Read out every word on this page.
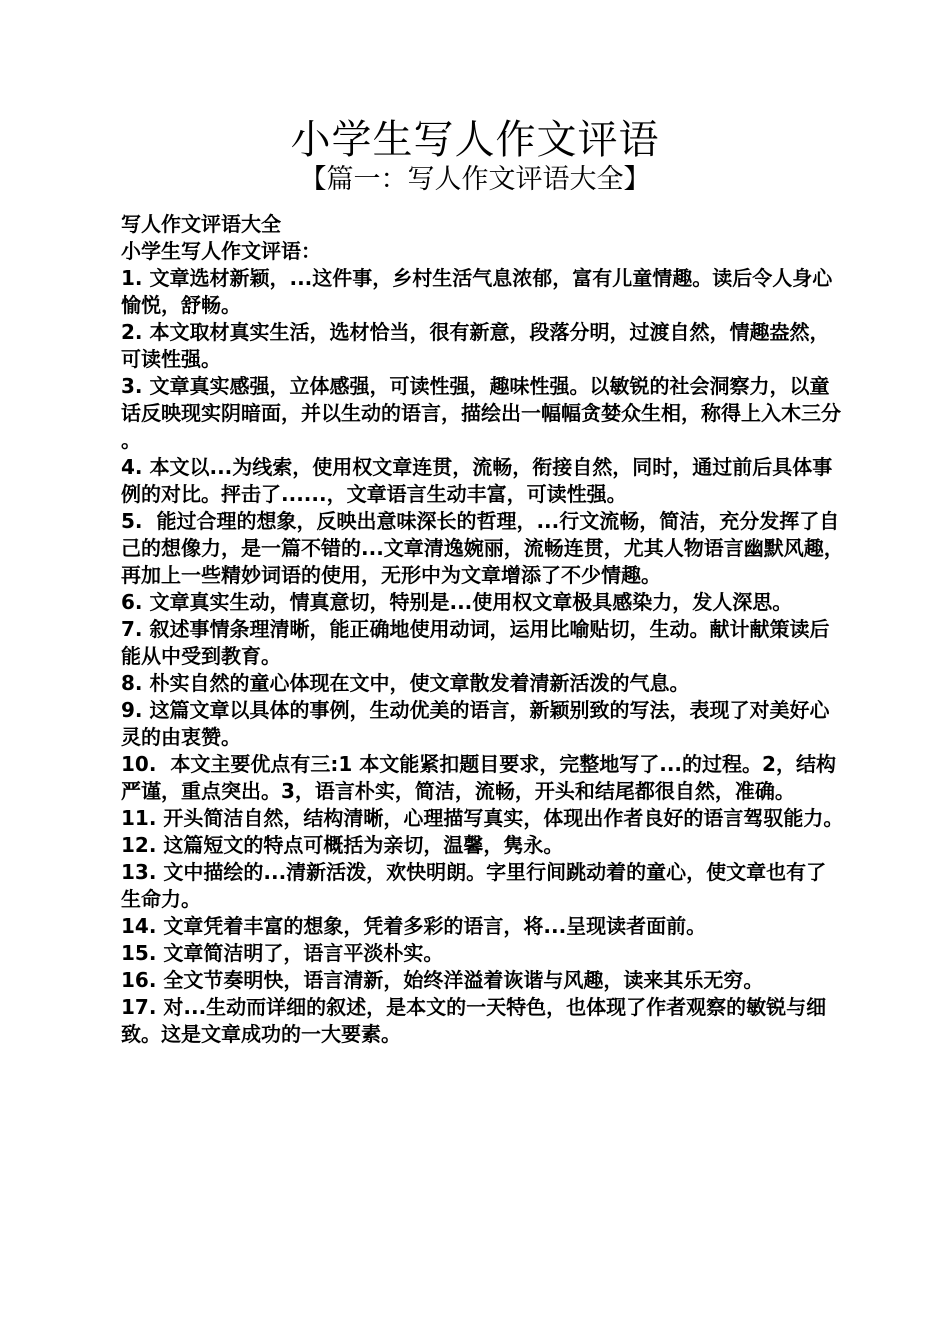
小学生写人作文评语
【篇一：写人作文评语大全】

写人作文评语大全

小学生写人作文评语：

1. 文章选材新颖，...这件事，乡村生活气息浓郁，富有儿童情趣。读后令人身心愉悦，舒畅。

2. 本文取材真实生活，选材恰当，很有新意，段落分明，过渡自然，情趣盎然，可读性强。

3. 文章真实感强，立体感强，可读性强，趣味性强。以敏锐的社会洞察力，以童话反映现实阴暗面，并以生动的语言，描绘出一幅幅贪婪众生相，称得上入木三分 。

4. 本文以...为线索，使用权文章连贯，流畅，衔接自然，同时，通过前后具体事例的对比。抨击了......，文章语言生动丰富，可读性强。

5.  能过合理的想象，反映出意味深长的哲理，...行文流畅，简洁，充分发挥了自己的想像力，是一篇不错的...文章清逸婉丽，流畅连贯，尤其人物语言幽默风趣，再加上一些精妙词语的使用，无形中为文章增添了不少情趣。

6. 文章真实生动，情真意切，特别是...使用权文章极具感染力，发人深思。

7. 叙述事情条理清晰，能正确地使用动词，运用比喻贴切，生动。献计献策读后能从中受到教育。

8. 朴实自然的童心体现在文中，使文章散发着清新活泼的气息。

9. 这篇文章以具体的事例，生动优美的语言，新颖别致的写法，表现了对美好心灵的由衷赞。

10.  本文主要优点有三:1 本文能紧扣题目要求，完整地写了...的过程。2，结构严谨，重点突出。3，语言朴实，简洁，流畅，开头和结尾都很自然，准确。

11. 开头简洁自然，结构清晰，心理描写真实，体现出作者良好的语言驾驭能力。

12. 这篇短文的特点可概括为亲切，温馨，隽永。

13. 文中描绘的...清新活泼，欢快明朗。字里行间跳动着的童心，使文章也有了生命力。

14. 文章凭着丰富的想象，凭着多彩的语言，将...呈现读者面前。

15. 文章简洁明了，语言平淡朴实。

16. 全文节奏明快，语言清新，始终洋溢着诙谐与风趣，读来其乐无穷。

17. 对...生动而详细的叙述，是本文的一天特色，也体现了作者观察的敏锐与细致。这是文章成功的一大要素。
